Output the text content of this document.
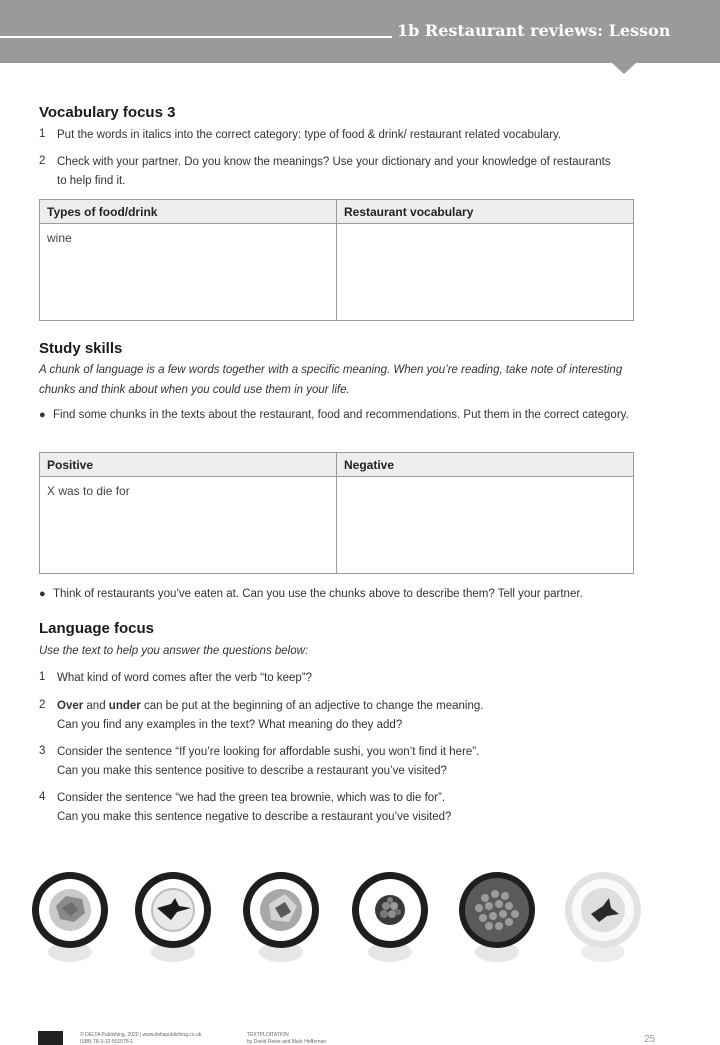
1b Restaurant reviews: Lesson
Vocabulary focus 3
1 Put the words in italics into the correct category: type of food & drink/ restaurant related vocabulary.
2 Check with your partner. Do you know the meanings? Use your dictionary and your knowledge of restaurants to help find it.
Types of food/drink	Restaurant vocabulary
wine	
Study skills
A chunk of language is a few words together with a specific meaning. When you’re reading, take note of interesting chunks and think about when you could use them in your life.
● Find some chunks in the texts about the restaurant, food and recommendations. Put them in the correct category.
Positive	Negative
X was to die for	
● Think of restaurants you’ve eaten at. Can you use the chunks above to describe them? Tell your partner.
Language focus
Use the text to help you answer the questions below:
1 What kind of word comes after the verb “to keep”?
2 Over and under can be put at the beginning of an adjective to change the meaning.
Can you find any examples in the text? What meaning do they add?
3 Consider the sentence “If you’re looking for affordable sushi, you won’t find it here”.
Can you make this sentence positive to describe a restaurant you’ve visited?
4 Consider the sentence “we had the green tea brownie, which was to die for”.
Can you make this sentence negative to describe a restaurant you’ve visited?
© DELTA Publishing, 2020 | www.deltapublishing.co.uk
ISBN 78-3-12-501578-1
TEXTPLOITATION
by David Rowe and Mark Heffernan	25
